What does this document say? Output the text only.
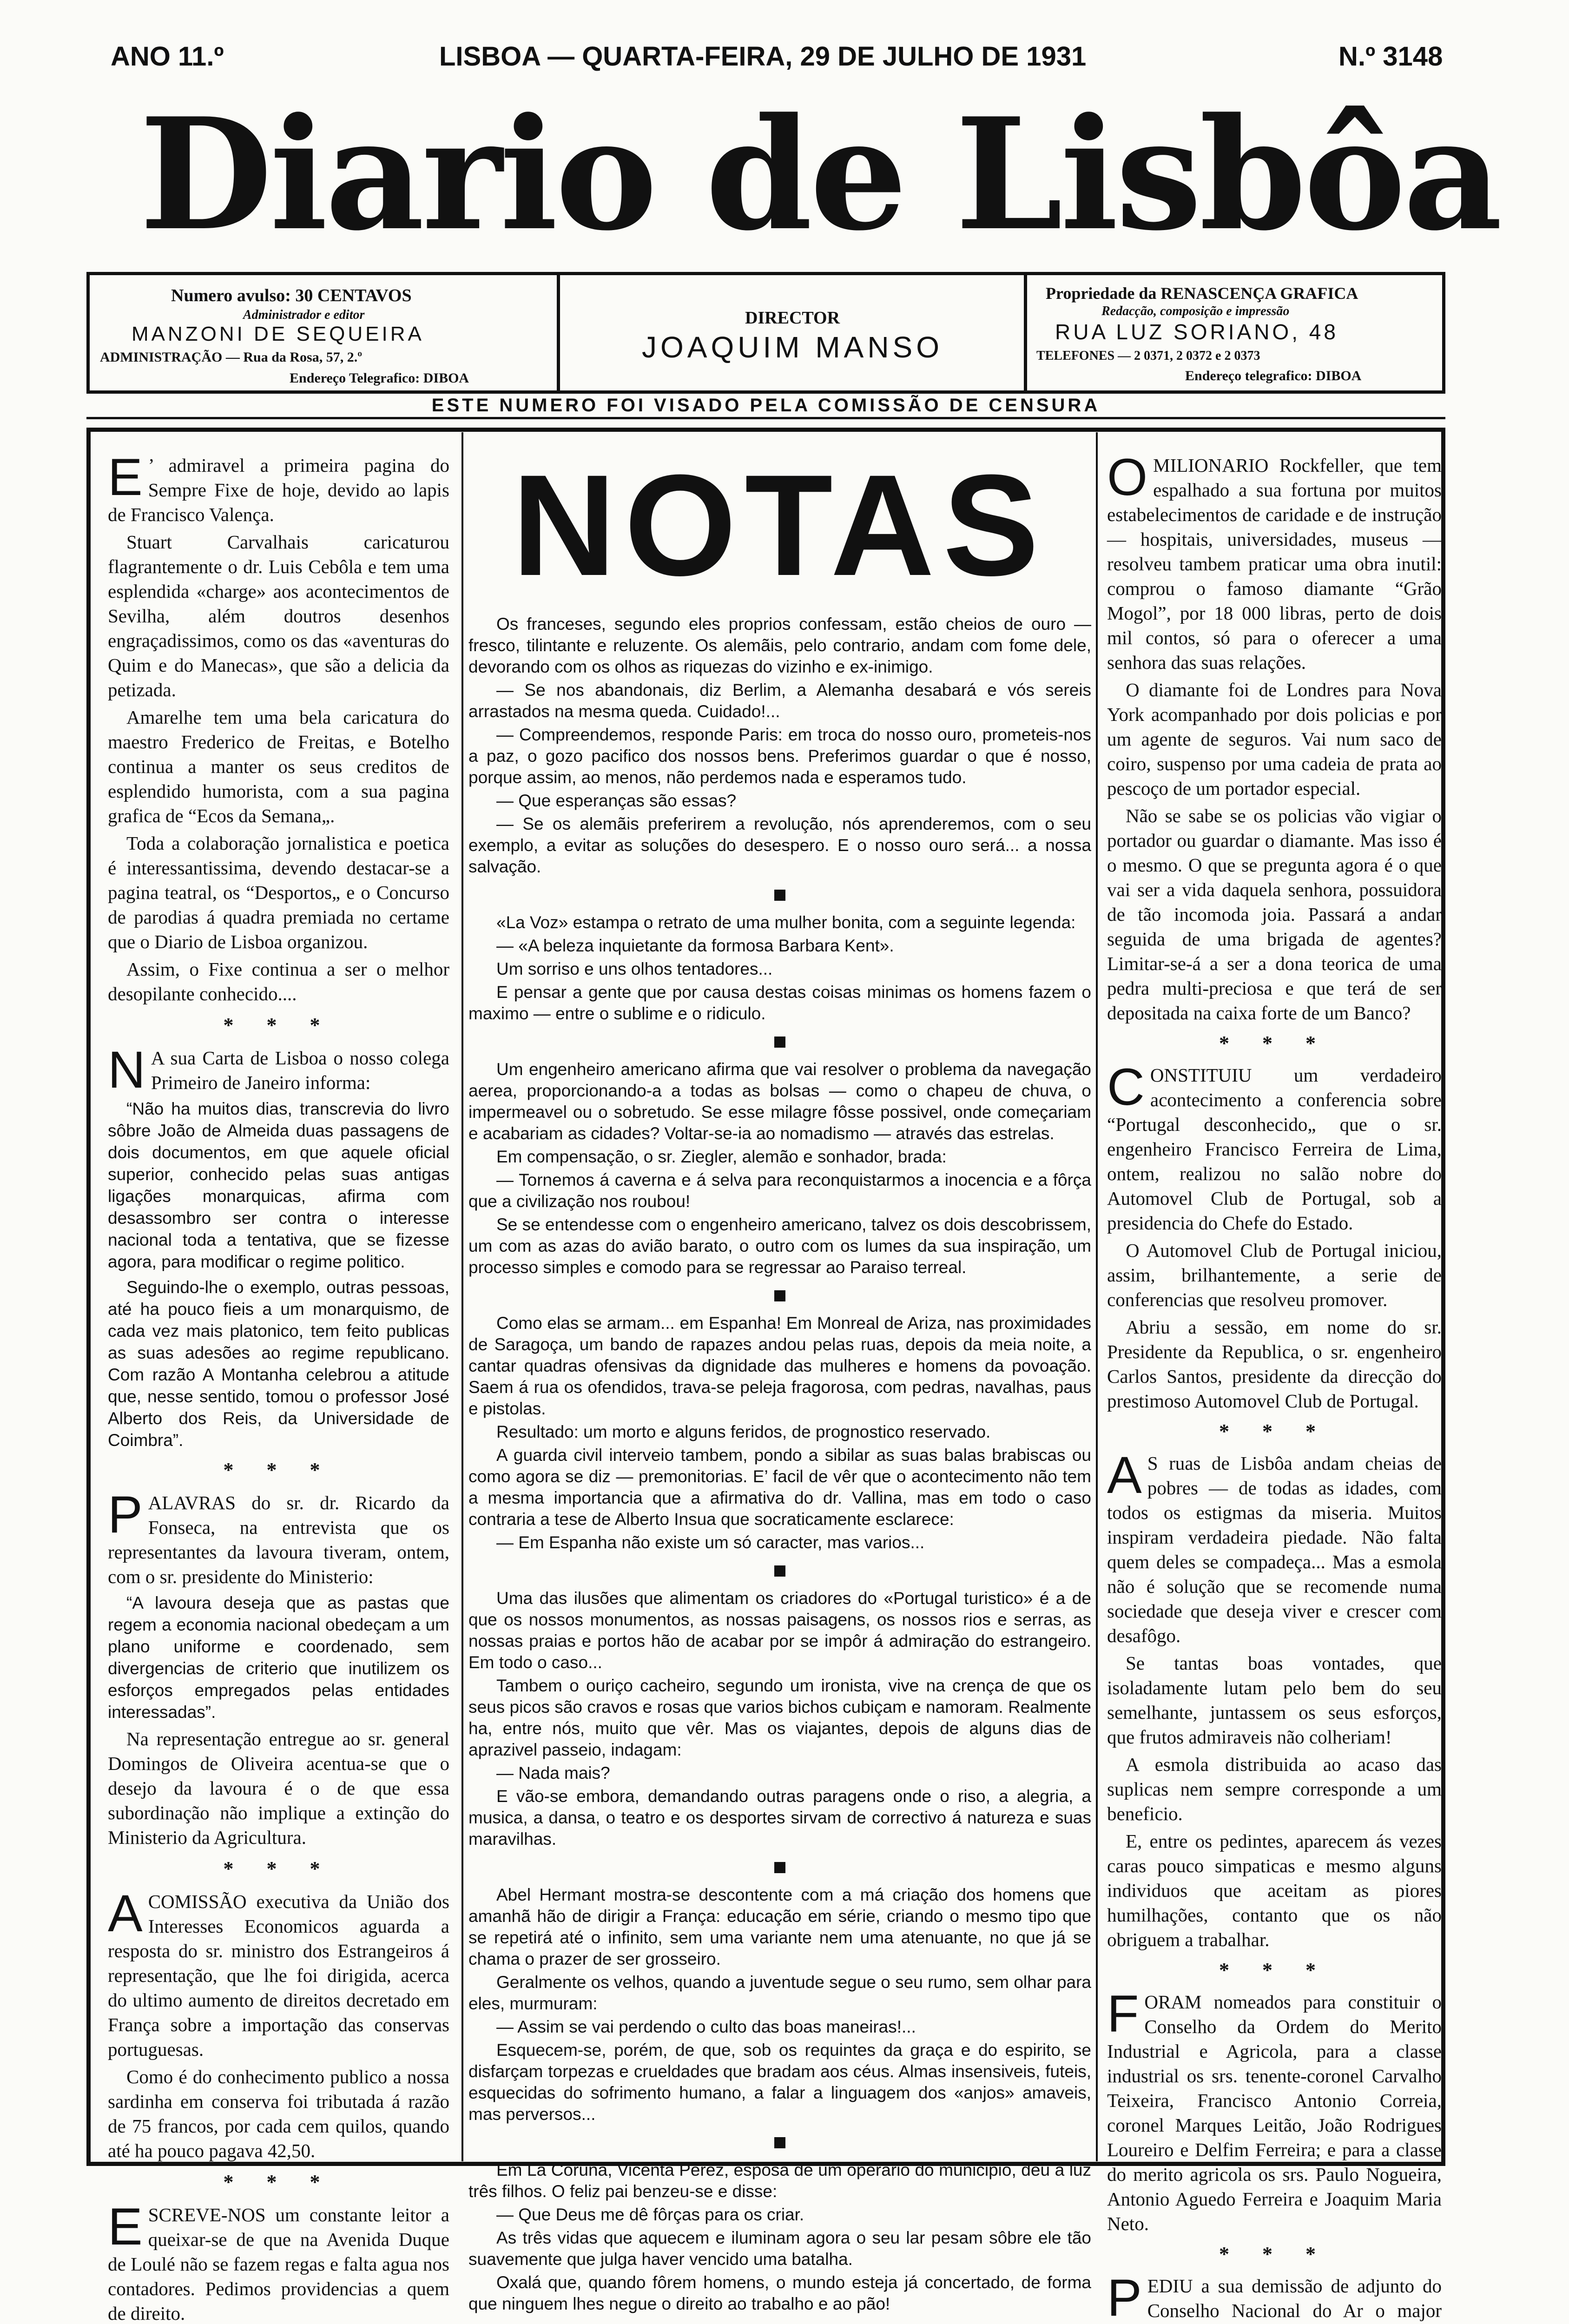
ANO 11.º	LISBOA — QUARTA-FEIRA, 29 DE JULHO DE 1931	N.º 3148
Diario de Lisbôa
Numero avulso: 30 CENTAVOS
Administrador e editor
MANZONI DE SEQUEIRA
ADMINISTRAÇÃO — Rua da Rosa, 57, 2.º
Endereço Telegrafico: DIBOA
DIRECTOR
JOAQUIM MANSO
Propriedade da RENASCENÇA GRAFICA
Redacção, composição e impressão
RUA LUZ SORIANO, 48
TELEFONES — 2 0371, 2 0372 e 2 0373
Endereço telegrafico: DIBOA
ESTE NUMERO FOI VISADO PELA COMISSÃO DE CENSURA

E ’ admiravel a primeira pagina do Sempre Fixe de hoje, devido ao lapis de Francisco Valença.

Stuart Carvalhais caricaturou flagrantemente o dr. Luis Cebôla e tem uma esplendida «charge» aos acontecimentos de Sevilha, além doutros desenhos engraçadissimos, como os das «aventuras do Quim e do Manecas», que são a delicia da petizada.

Amarelhe tem uma bela caricatura do maestro Frederico de Freitas, e Botelho continua a manter os seus creditos de esplendido humorista, com a sua pagina grafica de “Ecos da Semana„.

Toda a colaboração jornalistica e poetica é interessantissima, devendo destacar-se a pagina teatral, os “Desportos„ e o Concurso de parodias á quadra premiada no certame que o Diario de Lisboa organizou.

Assim, o Fixe continua a ser o melhor desopilante conhecido....

* * *

N A sua Carta de Lisboa o nosso colega Primeiro de Janeiro informa:

“Não ha muitos dias, transcrevia do livro sôbre João de Almeida duas passagens de dois documentos, em que aquele oficial superior, conhecido pelas suas antigas ligações monarquicas, afirma com desassombro ser contra o interesse nacional toda a tentativa, que se fizesse agora, para modificar o regime politico.
Seguindo-lhe o exemplo, outras pessoas, até ha pouco fieis a um monarquismo, de cada vez mais platonico, tem feito publicas as suas adesões ao regime republicano. Com razão A Montanha celebrou a atitude que, nesse sentido, tomou o professor José Alberto dos Reis, da Universidade de Coimbra”.
* * *

PALAVRAS do sr. dr. Ricardo da Fonseca, na entrevista que os representantes da lavoura tiveram, ontem, com o sr. presidente do Ministerio:

“A lavoura deseja que as pastas que regem a economia nacional obedeçam a um plano uniforme e coordenado, sem divergencias de criterio que inutilizem os esforços empregados pelas entidades interessadas”.

Na representação entregue ao sr. general Domingos de Oliveira acentua-se que o desejo da lavoura é o de que essa subordinação não implique a extinção do Ministerio da Agricultura.

* * *

ACOMISSÃO executiva da União dos Interesses Economicos aguarda a resposta do sr. ministro dos Estrangeiros á representação, que lhe foi dirigida, acerca do ultimo aumento de direitos decretado em França sobre a importação das conservas portuguesas.

Como é do conhecimento publico a nossa sardinha em conserva foi tributada á razão de 75 francos, por cada cem quilos, quando até ha pouco pagava 42,50.

* * *

ESCREVE-NOS um constante leitor a queixar-se de que na Avenida Duque de Loulé não se fazem regas e falta agua nos contadores. Pedimos providencias a quem de direito.

NOTAS

Os franceses, segundo eles proprios confessam, estão cheios de ouro — fresco, tilintante e reluzente. Os alemãis, pelo contrario, andam com fome dele, devorando com os olhos as riquezas do vizinho e ex-inimigo.

— Se nos abandonais, diz Berlim, a Alemanha desabará e vós sereis arrastados na mesma queda. Cuidado!...

— Compreendemos, responde Paris: em troca do nosso ouro, prometeis-nos a paz, o gozo pacifico dos nossos bens. Preferimos guardar o que é nosso, porque assim, ao menos, não perdemos nada e esperamos tudo.

— Que esperanças são essas?

— Se os alemãis preferirem a revolução, nós aprenderemos, com o seu exemplo, a evitar as soluções do desespero. E o nosso ouro será... a nossa salvação.

«La Voz» estampa o retrato de uma mulher bonita, com a seguinte legenda:

— «A beleza inquietante da formosa Barbara Kent».

Um sorriso e uns olhos tentadores...

E pensar a gente que por causa destas coisas minimas os homens fazem o maximo — entre o sublime e o ridiculo.

Um engenheiro americano afirma que vai resolver o problema da navegação aerea, proporcionando-a a todas as bolsas — como o chapeu de chuva, o impermeavel ou o sobretudo. Se esse milagre fôsse possivel, onde começariam e acabariam as cidades? Voltar-se-ia ao nomadismo — através das estrelas.

Em compensação, o sr. Ziegler, alemão e sonhador, brada:

— Tornemos á caverna e á selva para reconquistarmos a inocencia e a fôrça que a civilização nos roubou!

Se se entendesse com o engenheiro americano, talvez os dois descobrissem, um com as azas do avião barato, o outro com os lumes da sua inspiração, um processo simples e comodo para se regressar ao Paraiso terreal.

Como elas se armam... em Espanha! Em Monreal de Ariza, nas proximidades de Saragoça, um bando de rapazes andou pelas ruas, depois da meia noite, a cantar quadras ofensivas da dignidade das mulheres e homens da povoação. Saem á rua os ofendidos, trava-se peleja fragorosa, com pedras, navalhas, paus e pistolas.

Resultado: um morto e alguns feridos, de prognostico reservado.

A guarda civil interveio tambem, pondo a sibilar as suas balas brabiscas ou como agora se diz — premonitorias. E’ facil de vêr que o acontecimento não tem a mesma importancia que a afirmativa do dr. Vallina, mas em todo o caso contraria a tese de Alberto Insua que socraticamente esclarece:

— Em Espanha não existe um só caracter, mas varios...

Uma das ilusões que alimentam os criadores do «Portugal turistico» é a de que os nossos monumentos, as nossas paisagens, os nossos rios e serras, as nossas praias e portos hão de acabar por se impôr á admiração do estrangeiro. Em todo o caso...

Tambem o ouriço cacheiro, segundo um ironista, vive na crença de que os seus picos são cravos e rosas que varios bichos cubiçam e namoram. Realmente ha, entre nós, muito que vêr. Mas os viajantes, depois de alguns dias de aprazivel passeio, indagam:

— Nada mais?

E vão-se embora, demandando outras paragens onde o riso, a alegria, a musica, a dansa, o teatro e os desportes sirvam de correctivo á natureza e suas maravilhas.

Abel Hermant mostra-se descontente com a má criação dos homens que amanhã hão de dirigir a França: educação em série, criando o mesmo tipo que se repetirá até o infinito, sem uma variante nem uma atenuante, no que já se chama o prazer de ser grosseiro.

Geralmente os velhos, quando a juventude segue o seu rumo, sem olhar para eles, murmuram:

— Assim se vai perdendo o culto das boas maneiras!...

Esquecem-se, porém, de que, sob os requintes da graça e do espirito, se disfarçam torpezas e crueldades que bradam aos céus. Almas insensiveis, futeis, esquecidas do sofrimento humano, a falar a linguagem dos «anjos» amaveis, mas perversos...

Em La Coruna, Vicenta Pérez, esposa de um operario do municipio, deu á luz três filhos. O feliz pai benzeu-se e disse:

— Que Deus me dê fôrças para os criar.

As três vidas que aquecem e iluminam agora o seu lar pesam sôbre ele tão suavemente que julga haver vencido uma batalha.

Oxalá que, quando fôrem homens, o mundo esteja já concertado, de forma que ninguem lhes negue o direito ao trabalho e ao pão!

OMILIONARIO Rockfeller, que tem espalhado a sua fortuna por muitos estabelecimentos de caridade e de instrução — hospitais, universidades, museus — resolveu tambem praticar uma obra inutil: comprou o famoso diamante “Grão Mogol”, por 18 000 libras, perto de dois mil contos, só para o oferecer a uma senhora das suas relações.

O diamante foi de Londres para Nova York acompanhado por dois policias e por um agente de seguros. Vai num saco de coiro, suspenso por uma cadeia de prata ao pescoço de um portador especial.

Não se sabe se os policias vão vigiar o portador ou guardar o diamante. Mas isso é o mesmo. O que se pregunta agora é o que vai ser a vida daquela senhora, possuidora de tão incomoda joia. Passará a andar seguida de uma brigada de agentes? Limitar-se-á a ser a dona teorica de uma pedra multi-preciosa e que terá de ser depositada na caixa forte de um Banco?

* * *

CONSTITUIU um verdadeiro acontecimento a conferencia sobre “Portugal desconhecido„ que o sr. engenheiro Francisco Ferreira de Lima, ontem, realizou no salão nobre do Automovel Club de Portugal, sob a presidencia do Chefe do Estado.

O Automovel Club de Portugal iniciou, assim, brilhantemente, a serie de conferencias que resolveu promover.

Abriu a sessão, em nome do sr. Presidente da Republica, o sr. engenheiro Carlos Santos, presidente da direcção do prestimoso Automovel Club de Portugal.

* * *

A S ruas de Lisbôa andam cheias de pobres — de todas as idades, com todos os estigmas da miseria. Muitos inspiram verdadeira piedade. Não falta quem deles se compadeça... Mas a esmola não é solução que se recomende numa sociedade que deseja viver e crescer com desafôgo.

Se tantas boas vontades, que isoladamente lutam pelo bem do seu semelhante, juntassem os seus esforços, que frutos admiraveis não colheriam!

A esmola distribuida ao acaso das suplicas nem sempre corresponde a um beneficio.

E, entre os pedintes, aparecem ás vezes caras pouco simpaticas e mesmo alguns individuos que aceitam as piores humilhações, contanto que os não obriguem a trabalhar.

* * *

FORAM nomeados para constituir o Conselho da Ordem do Merito Industrial e Agricola, para a classe industrial os srs. tenente-coronel Carvalho Teixeira, Francisco Antonio Correia, coronel Marques Leitão, João Rodrigues Loureiro e Delfim Ferreira; e para a classe do merito agricola os srs. Paulo Nogueira, Antonio Aguedo Ferreira e Joaquim Maria Neto.

* * *

PEDIU a sua demissão de adjunto do Conselho Nacional do Ar o major
